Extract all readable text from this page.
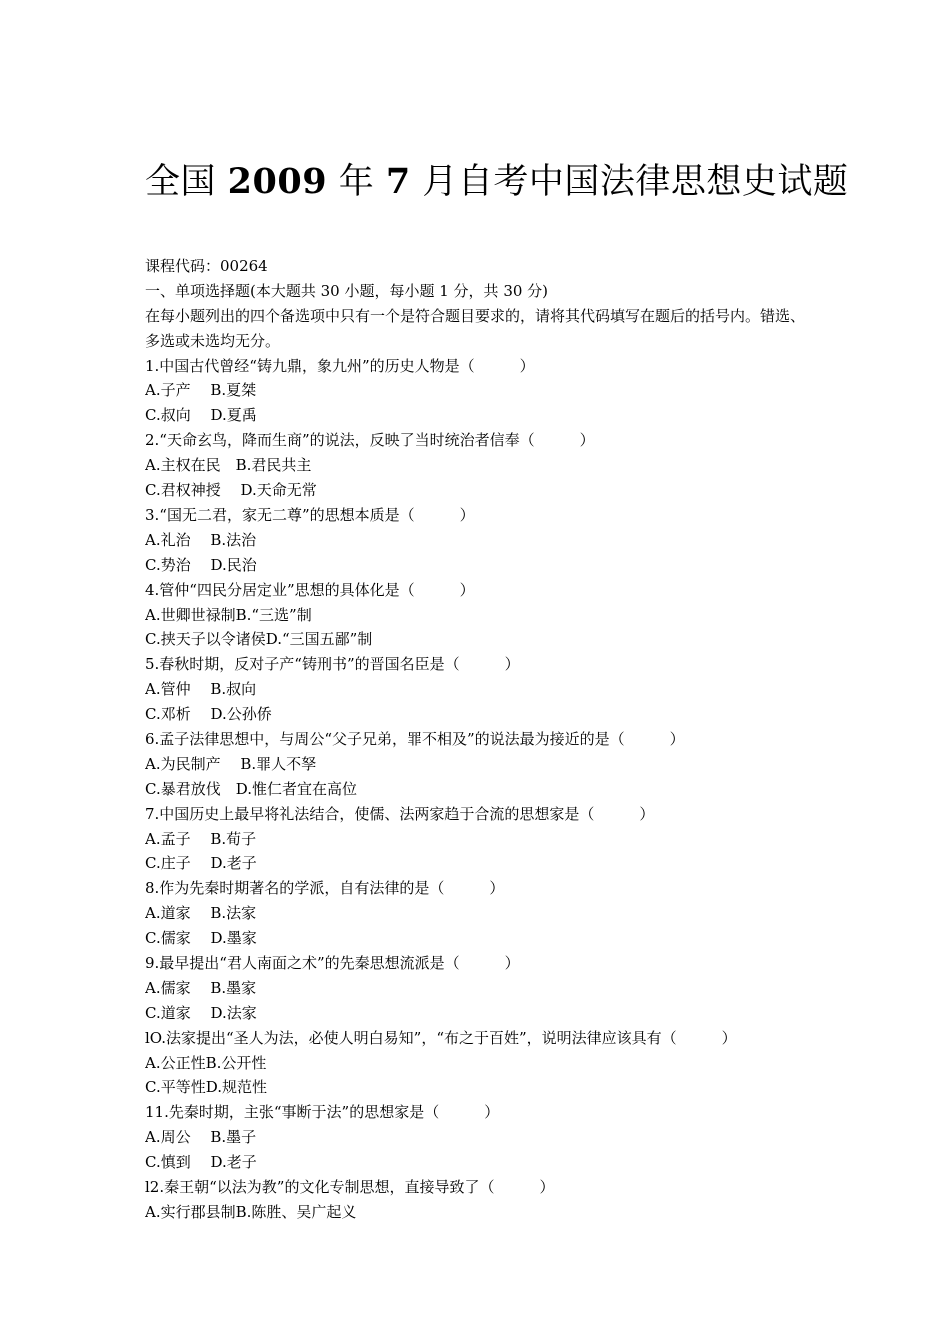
全国 2009 年 7 月自考中国法律思想史试题
课程代码：00264
一、单项选择题(本大题共 30 小题，每小题 1 分，共 30 分)
在每小题列出的四个备选项中只有一个是符合题目要求的，请将其代码填写在题后的括号内。错选、多选或未选均无分。
1.中国古代曾经“铸九鼎，象九州”的历史人物是（　　　）
A.子产　 B.夏桀
C.叔向　 D.夏禹
2.“天命玄鸟，降而生商”的说法，反映了当时统治者信奉（　　　）
A.主权在民　B.君民共主
C.君权神授　 D.天命无常
3.“国无二君，家无二尊”的思想本质是（　　　）
A.礼治　 B.法治
C.势治　 D.民治
4.管仲“四民分居定业”思想的具体化是（　　　）
A.世卿世禄制B.“三选”制
C.挟天子以令诸侯D.“三国五鄙”制
5.春秋时期，反对子产“铸刑书”的晋国名臣是（　　　）
A.管仲　 B.叔向
C.邓析　 D.公孙侨
6.孟子法律思想中，与周公“父子兄弟，罪不相及”的说法最为接近的是（　　　）
A.为民制产　 B.罪人不孥
C.暴君放伐　D.惟仁者宜在高位
7.中国历史上最早将礼法结合，使儒、法两家趋于合流的思想家是（　　　）
A.孟子　 B.荀子
C.庄子　 D.老子
8.作为先秦时期著名的学派，自有法律的是（　　　）
A.道家　 B.法家
C.儒家　 D.墨家
9.最早提出“君人南面之术”的先秦思想流派是（　　　）
A.儒家　 B.墨家
C.道家　 D.法家
lO.法家提出“圣人为法，必使人明白易知”，“布之于百姓”，说明法律应该具有（　　　）
A.公正性B.公开性
C.平等性D.规范性
11.先秦时期，主张“事断于法”的思想家是（　　　）
A.周公　 B.墨子
C.慎到　 D.老子
l2.秦王朝“以法为教”的文化专制思想，直接导致了（　　　）
A.实行郡县制B.陈胜、吴广起义
